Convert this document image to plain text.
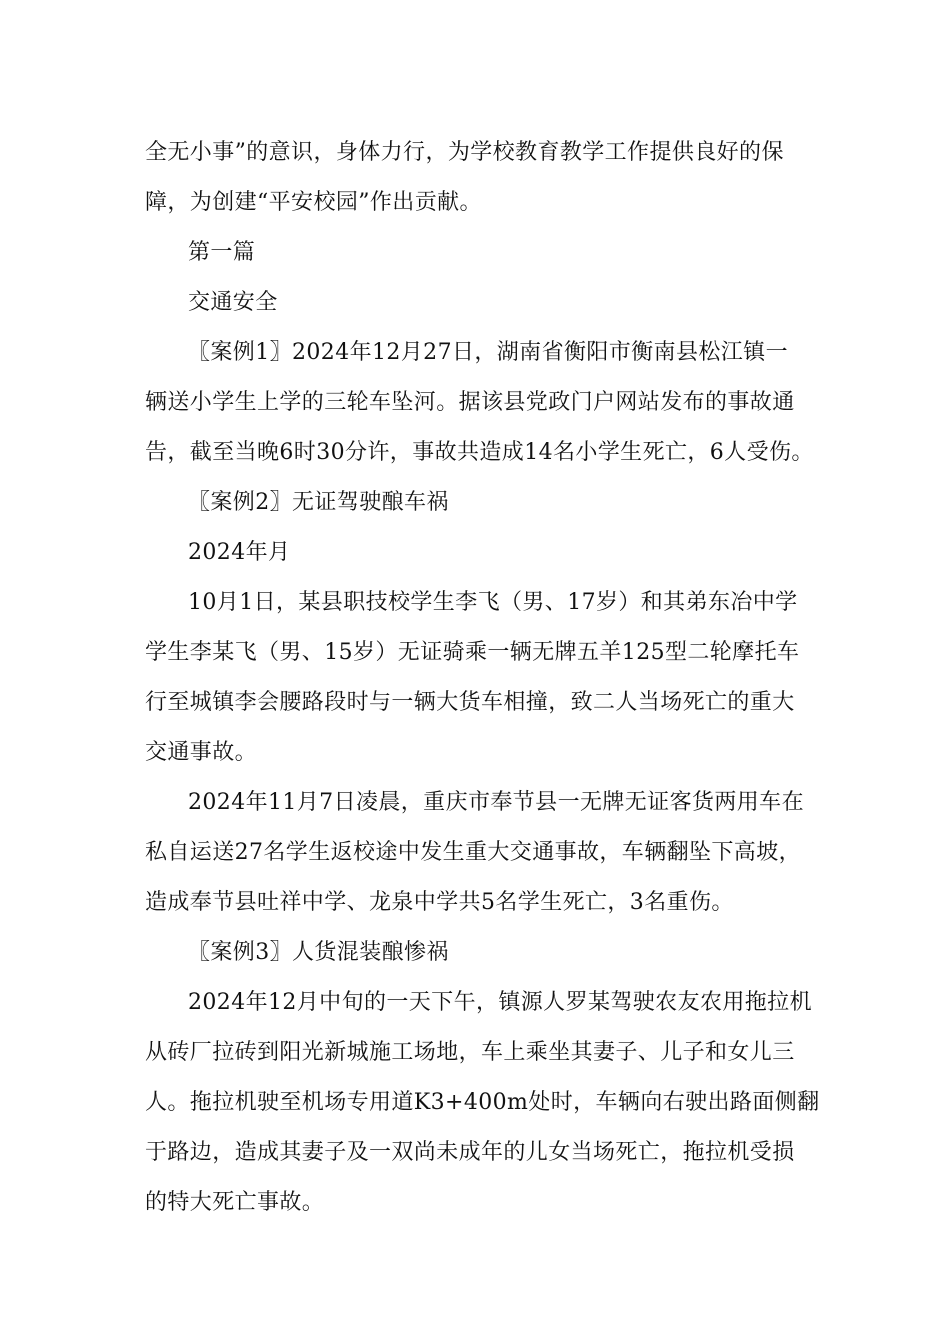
全无小事”的意识，身体力行，为学校教育教学工作提供良好的保
障，为创建“平安校园”作出贡献。
第一篇
交通安全
〖案例1〗2024年12月27日，湖南省衡阳市衡南县松江镇一
辆送小学生上学的三轮车坠河。据该县党政门户网站发布的事故通
告，截至当晚6时30分许，事故共造成14名小学生死亡，6人受伤。
〖案例2〗无证驾驶酿车祸
2024年月
10月1日，某县职技校学生李飞（男、17岁）和其弟东冶中学
学生李某飞（男、15岁）无证骑乘一辆无牌五羊125型二轮摩托车
行至城镇李会腰路段时与一辆大货车相撞，致二人当场死亡的重大
交通事故。
2024年11月7日凌晨，重庆市奉节县一无牌无证客货两用车在
私自运送27名学生返校途中发生重大交通事故，车辆翻坠下高坡，
造成奉节县吐祥中学、龙泉中学共5名学生死亡，3名重伤。
〖案例3〗人货混装酿惨祸
2024年12月中旬的一天下午，镇源人罗某驾驶农友农用拖拉机
从砖厂拉砖到阳光新城施工场地，车上乘坐其妻子、儿子和女儿三
人。拖拉机驶至机场专用道K3+400m处时，车辆向右驶出路面侧翻
于路边，造成其妻子及一双尚未成年的儿女当场死亡，拖拉机受损
的特大死亡事故。
